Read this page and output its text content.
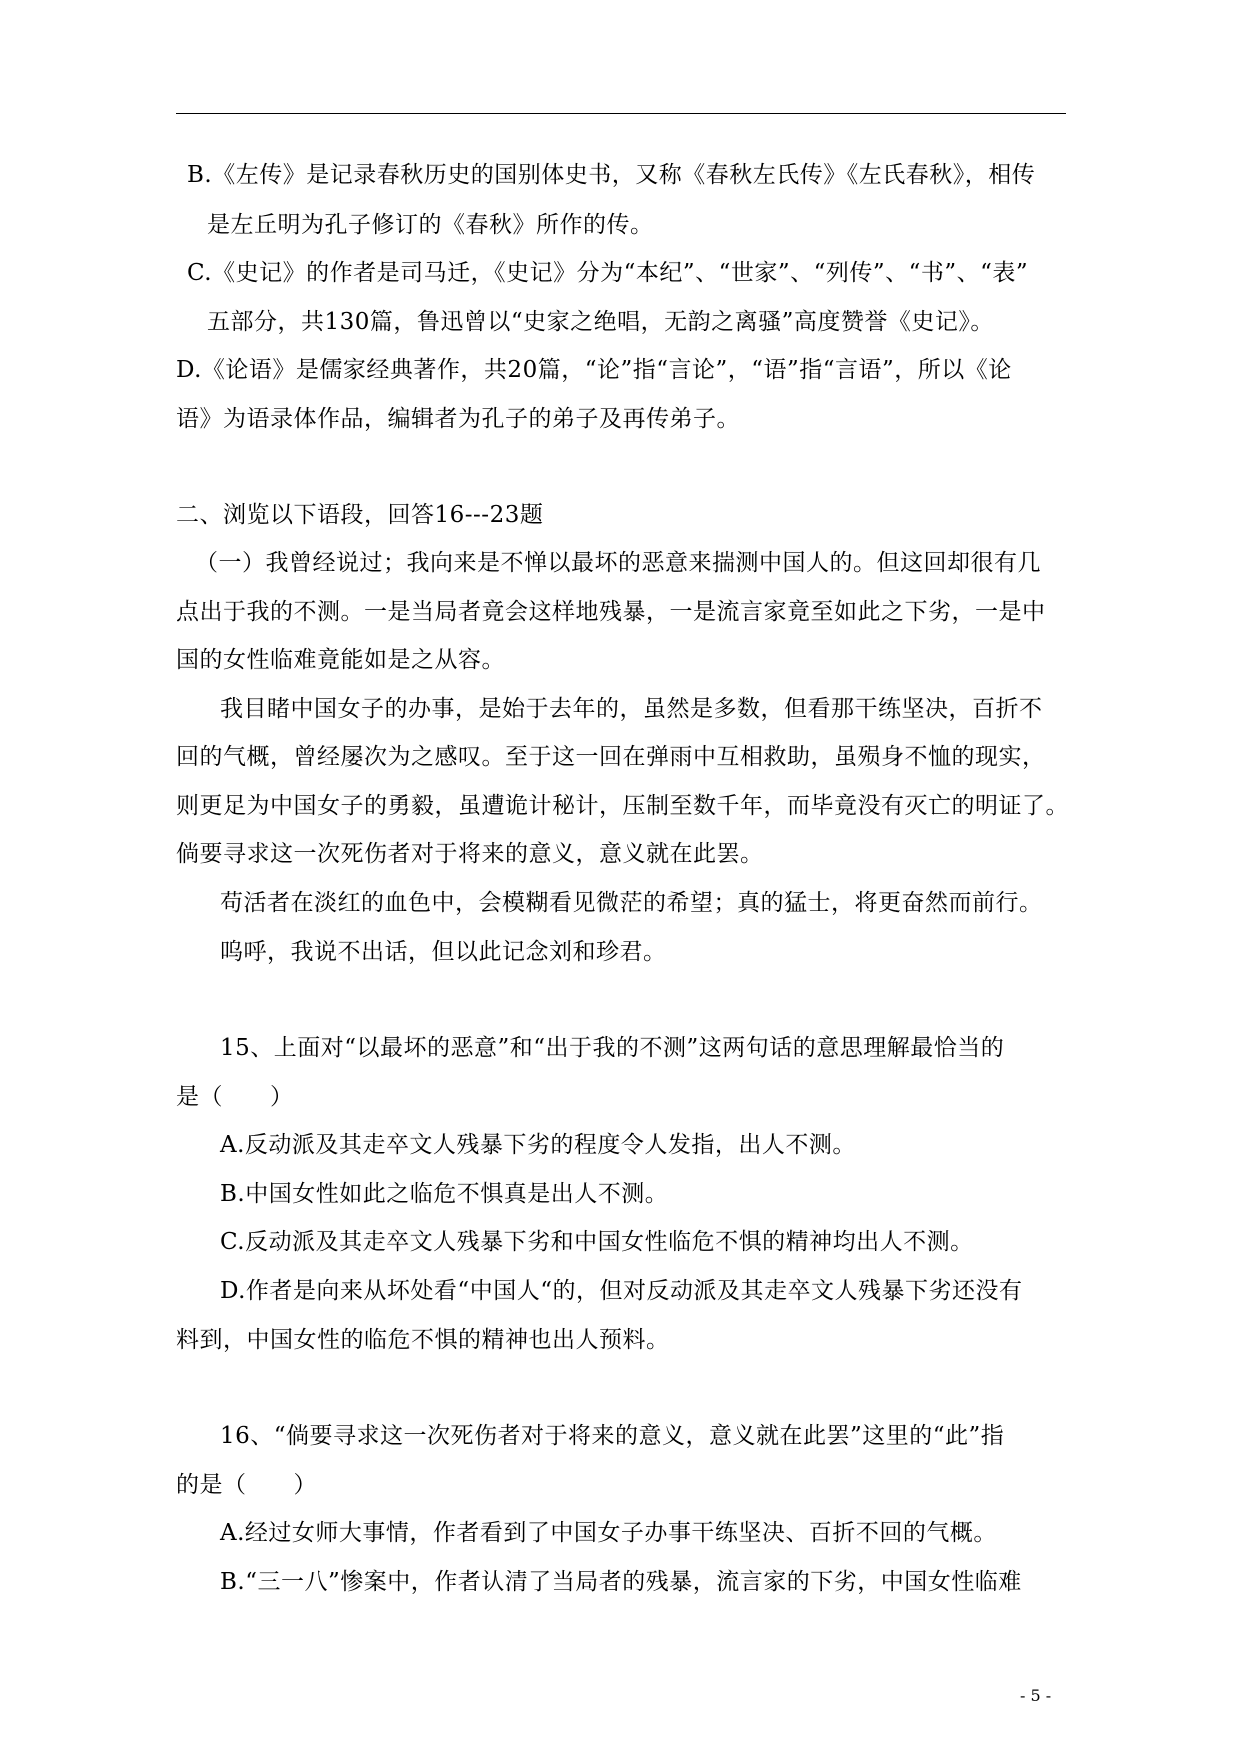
B.《左传》是记录春秋历史的国别体史书，又称《春秋左氏传》《左氏春秋》，相传
是左丘明为孔子修订的《春秋》所作的传。
C.《史记》的作者是司马迁，《史记》分为“本纪”、“世家”、“列传”、“书”、“表”
五部分，共130篇，鲁迅曾以“史家之绝唱，无韵之离骚”高度赞誉《史记》。
D.《论语》是儒家经典著作，共20篇，“论”指“言论”，“语”指“言语”，所以《论
语》为语录体作品，编辑者为孔子的弟子及再传弟子。
二、浏览以下语段，回答16---23题
（一）我曾经说过；我向来是不惮以最坏的恶意来揣测中国人的。但这回却很有几
点出于我的不测。一是当局者竟会这样地残暴，一是流言家竟至如此之下劣，一是中
国的女性临难竟能如是之从容。
我目睹中国女子的办事，是始于去年的，虽然是多数，但看那干练坚决，百折不
回的气概，曾经屡次为之感叹。至于这一回在弹雨中互相救助，虽殒身不恤的现实，
则更足为中国女子的勇毅，虽遭诡计秘计，压制至数千年，而毕竟没有灭亡的明证了。
倘要寻求这一次死伤者对于将来的意义，意义就在此罢。
苟活者在淡红的血色中，会模糊看见微茫的希望；真的猛士，将更奋然而前行。
呜呼，我说不出话，但以此记念刘和珍君。
15、上面对“以最坏的恶意”和“出于我的不测”这两句话的意思理解最恰当的
是（　　）
A.反动派及其走卒文人残暴下劣的程度令人发指，出人不测。
B.中国女性如此之临危不惧真是出人不测。
C.反动派及其走卒文人残暴下劣和中国女性临危不惧的精神均出人不测。
D.作者是向来从坏处看“中国人“的，但对反动派及其走卒文人残暴下劣还没有
料到，中国女性的临危不惧的精神也出人预料。
16、“倘要寻求这一次死伤者对于将来的意义，意义就在此罢”这里的“此”指
的是（　　）
A.经过女师大事情，作者看到了中国女子办事干练坚决、百折不回的气概。
B.“三一八”惨案中，作者认清了当局者的残暴，流言家的下劣，中国女性临难
- 5 -
